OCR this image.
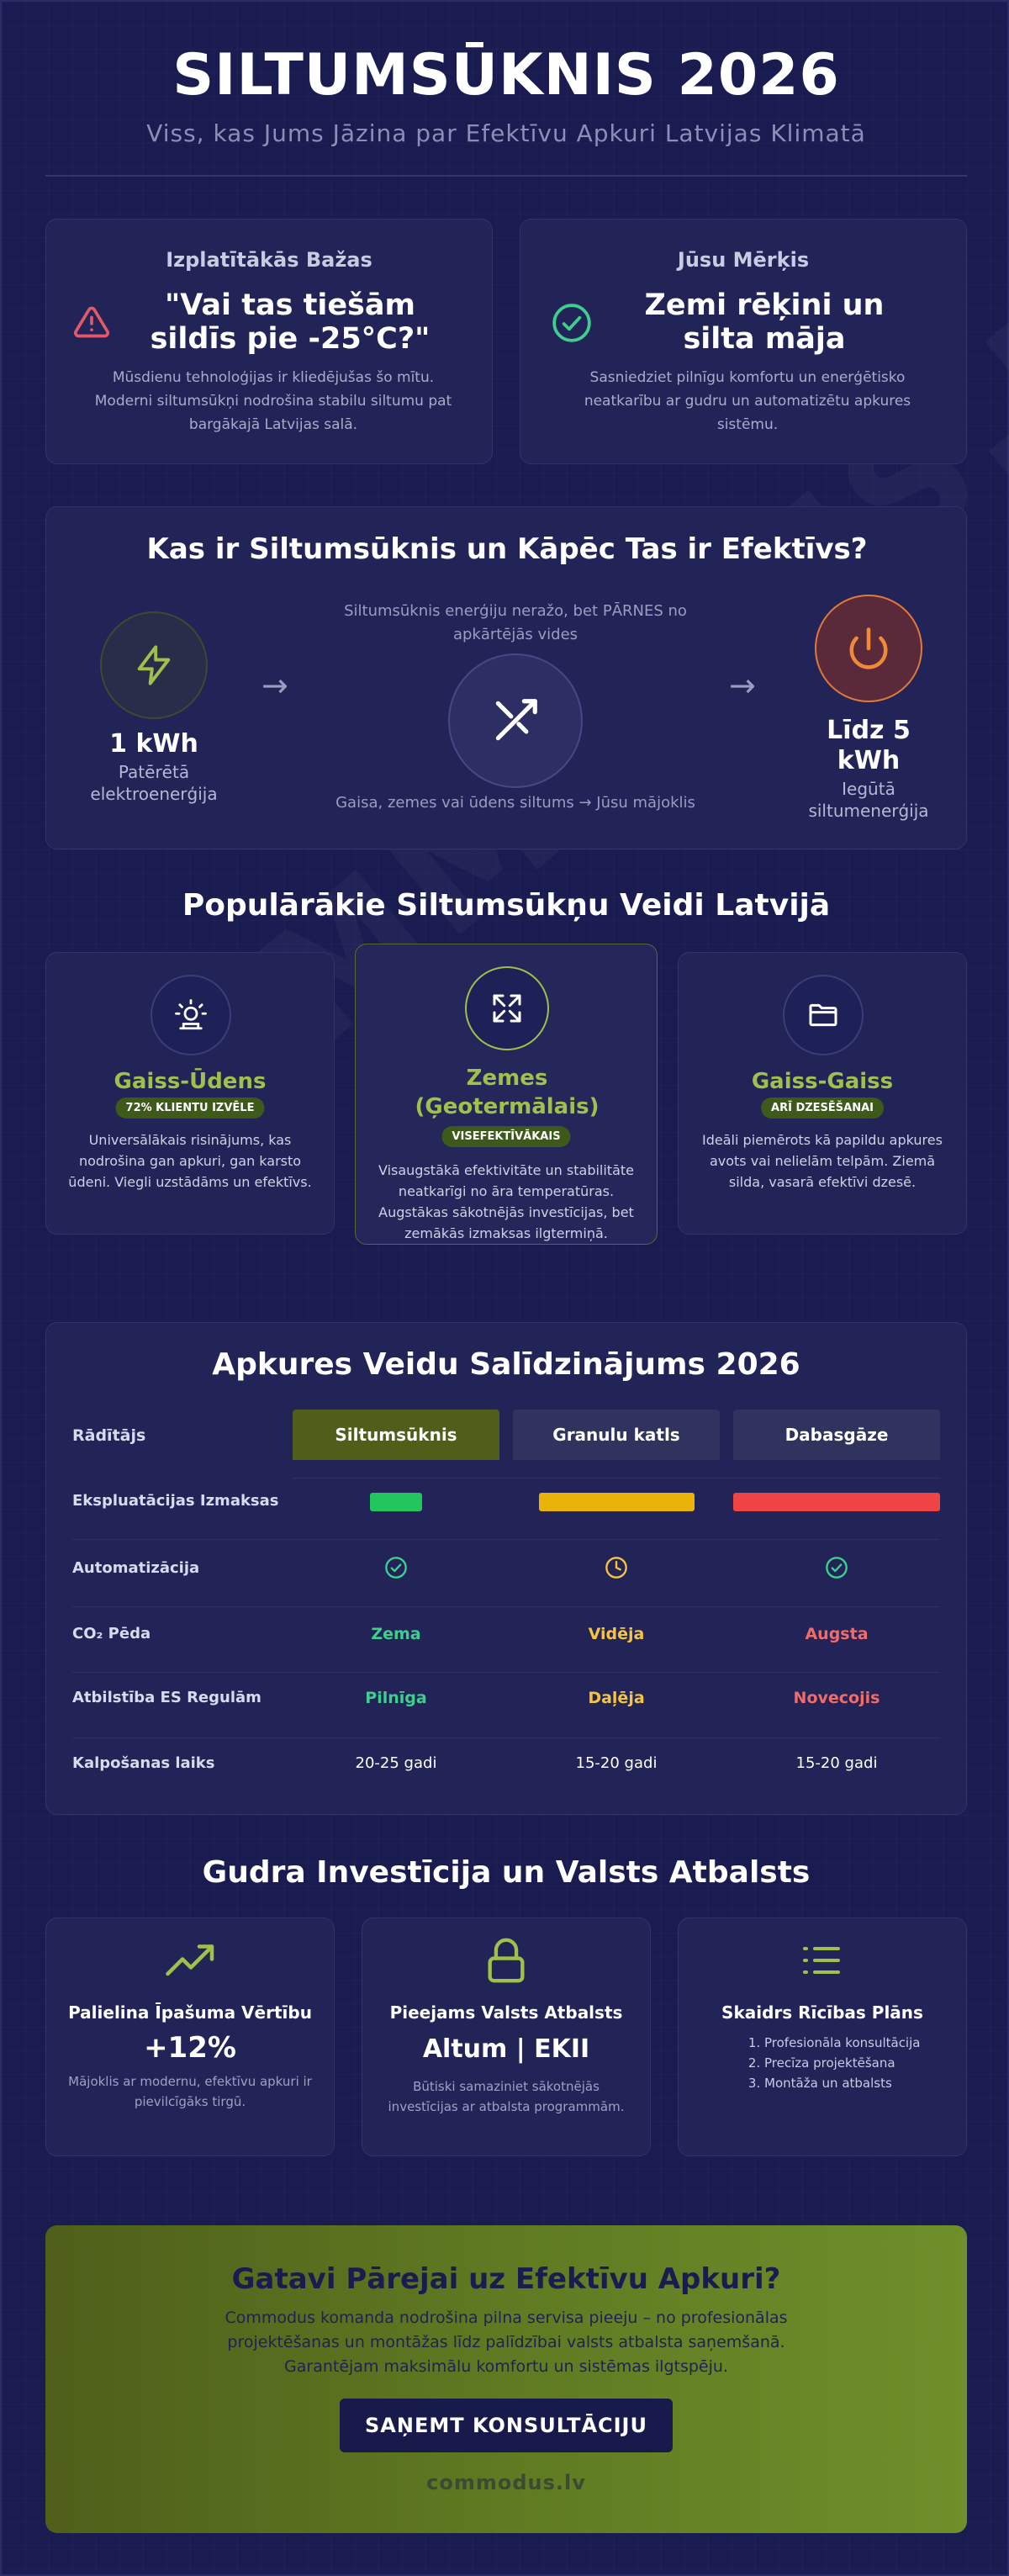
SILTUMSŪKNIS 2026
Viss, kas Jums Jāzina par Efektīvu Apkuri Latvijas Klimatā
Izplatītākās Bažas
"Vai tas tiešām sildīs pie -25°C?"
Mūsdienu tehnoloģijas ir kliedējušas šo mītu. Moderni siltumsūkņi nodrošina stabilu siltumu pat bargākajā Latvijas salā.
Jūsu Mērķis
Zemi rēķini un silta māja
Sasniedziet pilnīgu komfortu un enerģētisko neatkarību ar gudru un automatizētu apkures sistēmu.
Kas ir Siltumsūknis un Kāpēc Tas ir Efektīvs?
1 kWh
Patērētā elektroenerģija
→
Siltumsūknis enerģiju neražo, bet PĀRNES no apkārtējās vides
Gaisa, zemes vai ūdens siltums → Jūsu mājoklis
→
Līdz 5 kWh
Iegūtā siltumenerģija
Populārākie Siltumsūkņu Veidi Latvijā
Gaiss-Ūdens
72% KLIENTU IZVĒLE
Universālākais risinājums, kas nodrošina gan apkuri, gan karsto ūdeni. Viegli uzstādāms un efektīvs.
Zemes (Ģeotermālais)
VISEFEKTĪVĀKAIS
Visaugstākā efektivitāte un stabilitāte neatkarīgi no āra temperatūras. Augstākas sākotnējās investīcijas, bet zemākās izmaksas ilgtermiņā.
Gaiss-Gaiss
ARĪ DZESĒŠANAI
Ideāli piemērots kā papildu apkures avots vai nelielām telpām. Ziemā silda, vasarā efektīvi dzesē.
Apkures Veidu Salīdzinājums 2026
Rādītājs	Siltumsūknis	Granulu katls	Dabasgāze
Ekspluatācijas Izmaksas
Automatizācija
CO₂ Pēda	Zema	Vidēja	Augsta
Atbilstība ES Regulām	Pilnīga	Daļēja	Novecojis
Kalpošanas laiks	20-25 gadi	15-20 gadi	15-20 gadi
Gudra Investīcija un Valsts Atbalsts
Palielina Īpašuma Vērtību
+12%
Mājoklis ar modernu, efektīvu apkuri ir pievilcīgāks tirgū.
Pieejams Valsts Atbalsts
Altum | EKII
Būtiski samaziniet sākotnējās investīcijas ar atbalsta programmām.
Skaidrs Rīcības Plāns
1. Profesionāla konsultācija
2. Precīza projektēšana
3. Montāža un atbalsts
Gatavi Pārejai uz Efektīvu Apkuri?
Commodus komanda nodrošina pilna servisa pieeju – no profesionālas projektēšanas un montāžas līdz palīdzībai valsts atbalsta saņemšanā. Garantējam maksimālu komfortu un sistēmas ilgtspēju.
SAŅEMT KONSULTĀCIJU
commodus.lv
